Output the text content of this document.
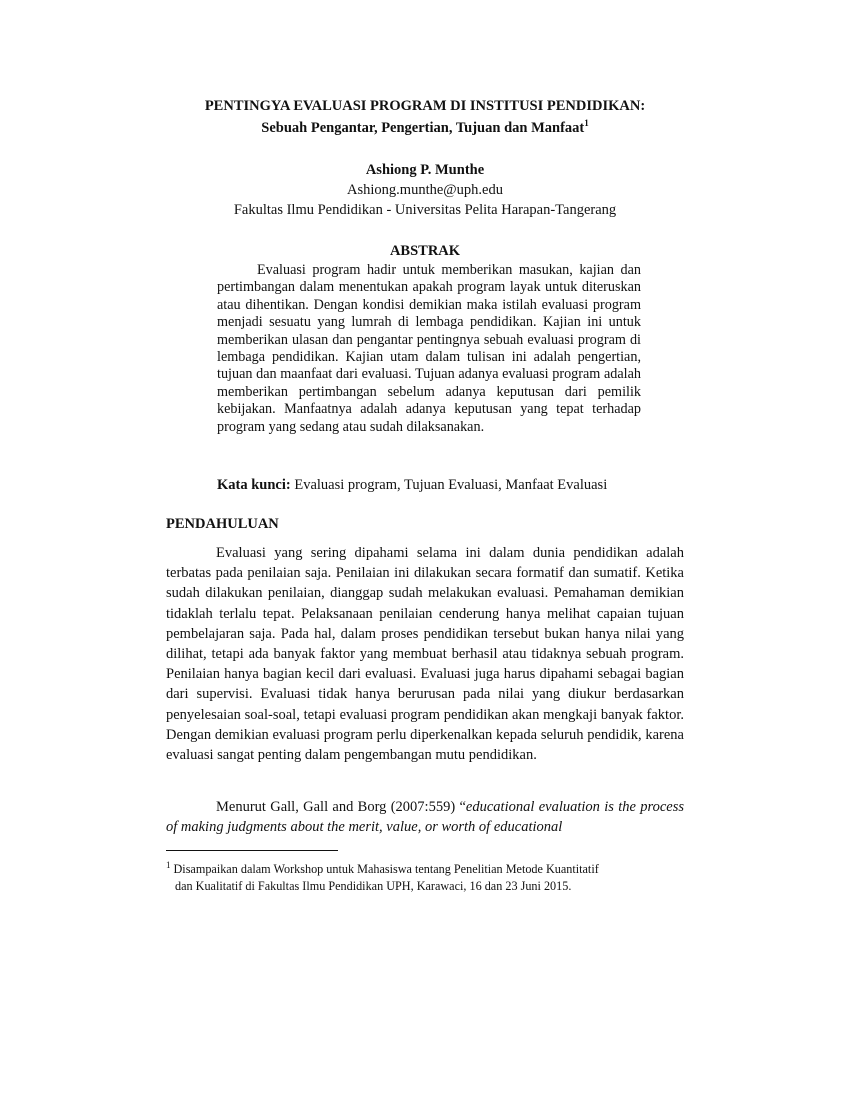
PENTINGYA EVALUASI PROGRAM DI INSTITUSI PENDIDIKAN:
Sebuah Pengantar, Pengertian, Tujuan dan Manfaat$^1$
Ashiong P. Munthe
Ashiong.munthe@uph.edu
Fakultas Ilmu Pendidikan - Universitas Pelita Harapan-Tangerang
ABSTRAK

Evaluasi program hadir untuk memberikan masukan, kajian dan pertimbangan dalam menentukan apakah program layak untuk diteruskan atau dihentikan. Dengan kondisi demikian maka istilah evaluasi program menjadi sesuatu yang lumrah di lembaga pendidikan. Kajian ini untuk memberikan ulasan dan pengantar pentingnya sebuah evaluasi program di lembaga pendidikan. Kajian utam dalam tulisan ini adalah pengertian, tujuan dan maanfaat dari evaluasi. Tujuan adanya evaluasi program adalah memberikan pertimbangan sebelum adanya keputusan dari pemilik kebijakan. Manfaatnya adalah adanya keputusan yang tepat terhadap program yang sedang atau sudah dilaksanakan.

Kata kunci: Evaluasi program, Tujuan Evaluasi, Manfaat Evaluasi
PENDAHULUAN

Evaluasi yang sering dipahami selama ini dalam dunia pendidikan adalah terbatas pada penilaian saja. Penilaian ini dilakukan secara formatif dan sumatif. Ketika sudah dilakukan penilaian, dianggap sudah melakukan evaluasi. Pemahaman demikian tidaklah terlalu tepat. Pelaksanaan penilaian cenderung hanya melihat capaian tujuan pembelajaran saja. Pada hal, dalam proses pendidikan tersebut bukan hanya nilai yang dilihat, tetapi ada banyak faktor yang membuat berhasil atau tidaknya sebuah program. Penilaian hanya bagian kecil dari evaluasi. Evaluasi juga harus dipahami sebagai bagian dari supervisi. Evaluasi tidak hanya berurusan pada nilai yang diukur berdasarkan penyelesaian soal-soal, tetapi evaluasi program pendidikan akan mengkaji banyak faktor. Dengan demikian evaluasi program perlu diperkenalkan kepada seluruh pendidik, karena evaluasi sangat penting dalam pengembangan mutu pendidikan.

Menurut Gall, Gall and Borg (2007:559) “educational evaluation is the process of making judgments about the merit, value, or worth of educational

$^1$ Disampaikan dalam Workshop untuk Mahasiswa tentang Penelitian Metode Kuantitatif
dan Kualitatif di Fakultas Ilmu Pendidikan UPH, Karawaci, 16 dan 23 Juni 2015.
